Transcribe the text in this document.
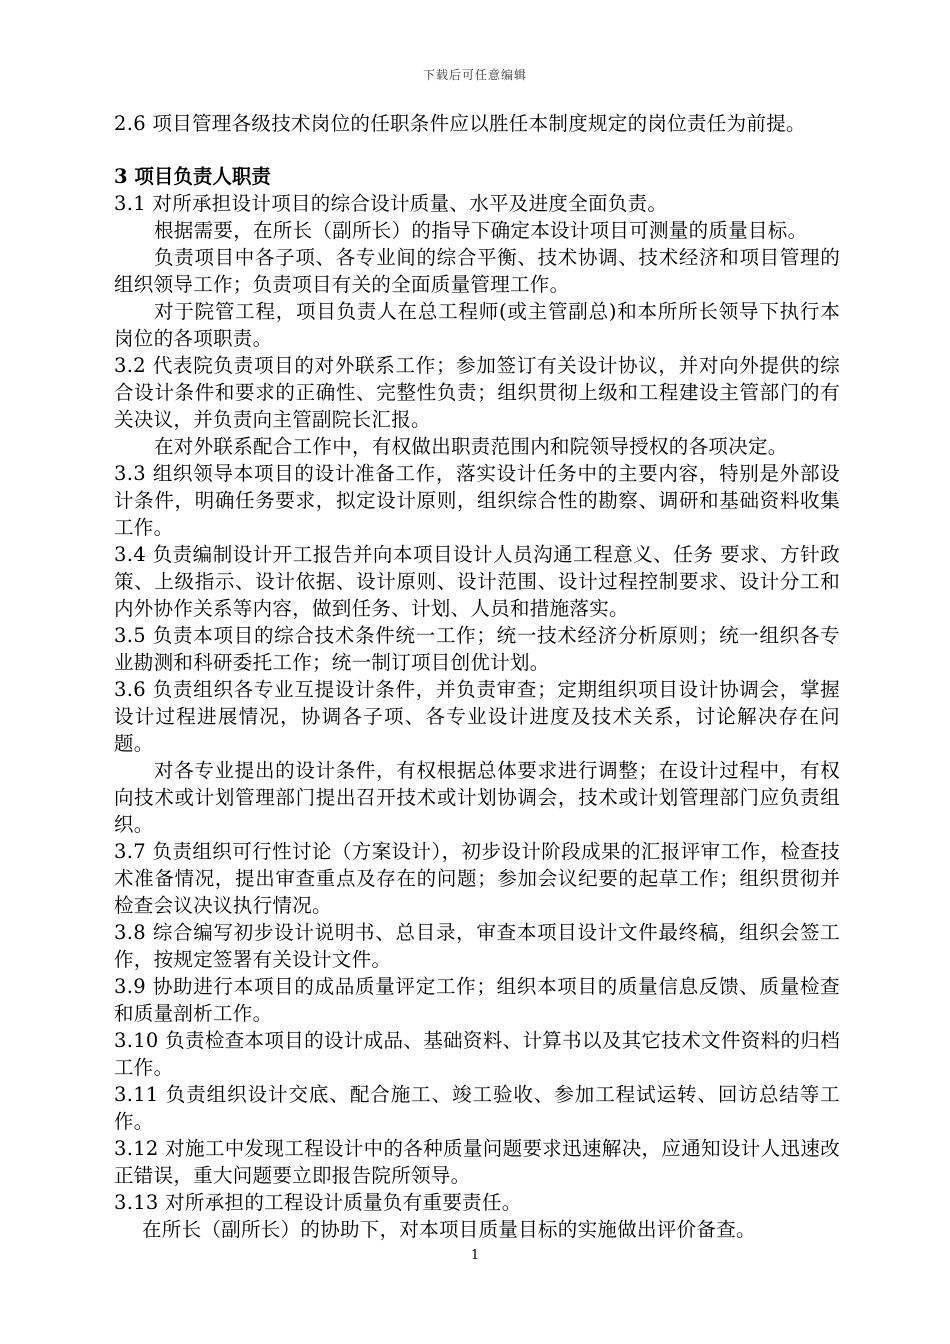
下载后可任意编辑

2.6 项目管理各级技术岗位的任职条件应以胜任本制度规定的岗位责任为前提。

3 项目负责人职责

3.1 对所承担设计项目的综合设计质量、水平及进度全面负责。

根据需要，在所长（副所长）的指导下确定本设计项目可测量的质量目标。

负责项目中各子项、各专业间的综合平衡、技术协调、技术经济和项目管理的组织领导工作；负责项目有关的全面质量管理工作。

对于院管工程，项目负责人在总工程师(或主管副总)和本所所长领导下执行本岗位的各项职责。

3.2 代表院负责项目的对外联系工作；参加签订有关设计协议，并对向外提供的综合设计条件和要求的正确性、完整性负责；组织贯彻上级和工程建设主管部门的有关决议，并负责向主管副院长汇报。

在对外联系配合工作中，有权做出职责范围内和院领导授权的各项决定。

3.3 组织领导本项目的设计准备工作，落实设计任务中的主要内容，特别是外部设计条件，明确任务要求，拟定设计原则，组织综合性的勘察、调研和基础资料收集工作。

3.4 负责编制设计开工报告并向本项目设计人员沟通工程意义、任务 要求、方针政策、上级指示、设计依据、设计原则、设计范围、设计过程控制要求、设计分工和内外协作关系等内容，做到任务、计划、人员和措施落实。

3.5 负责本项目的综合技术条件统一工作；统一技术经济分析原则；统一组织各专业勘测和科研委托工作；统一制订项目创优计划。

3.6 负责组织各专业互提设计条件，并负责审查；定期组织项目设计协调会，掌握设计过程进展情况，协调各子项、各专业设计进度及技术关系，讨论解决存在问题。

对各专业提出的设计条件，有权根据总体要求进行调整；在设计过程中，有权向技术或计划管理部门提出召开技术或计划协调会，技术或计划管理部门应负责组织。

3.7 负责组织可行性讨论（方案设计），初步设计阶段成果的汇报评审工作，检查技术准备情况，提出审查重点及存在的问题；参加会议纪要的起草工作；组织贯彻并检查会议决议执行情况。

3.8 综合编写初步设计说明书、总目录，审查本项目设计文件最终稿，组织会签工作，按规定签署有关设计文件。

3.9 协助进行本项目的成品质量评定工作；组织本项目的质量信息反馈、质量检查和质量剖析工作。

3.10 负责检查本项目的设计成品、基础资料、计算书以及其它技术文件资料的归档工作。

3.11 负责组织设计交底、配合施工、竣工验收、参加工程试运转、回访总结等工作。

3.12 对施工中发现工程设计中的各种质量问题要求迅速解决，应通知设计人迅速改正错误，重大问题要立即报告院所领导。

3.13 对所承担的工程设计质量负有重要责任。

在所长（副所长）的协助下，对本项目质量目标的实施做出评价备查。

1
